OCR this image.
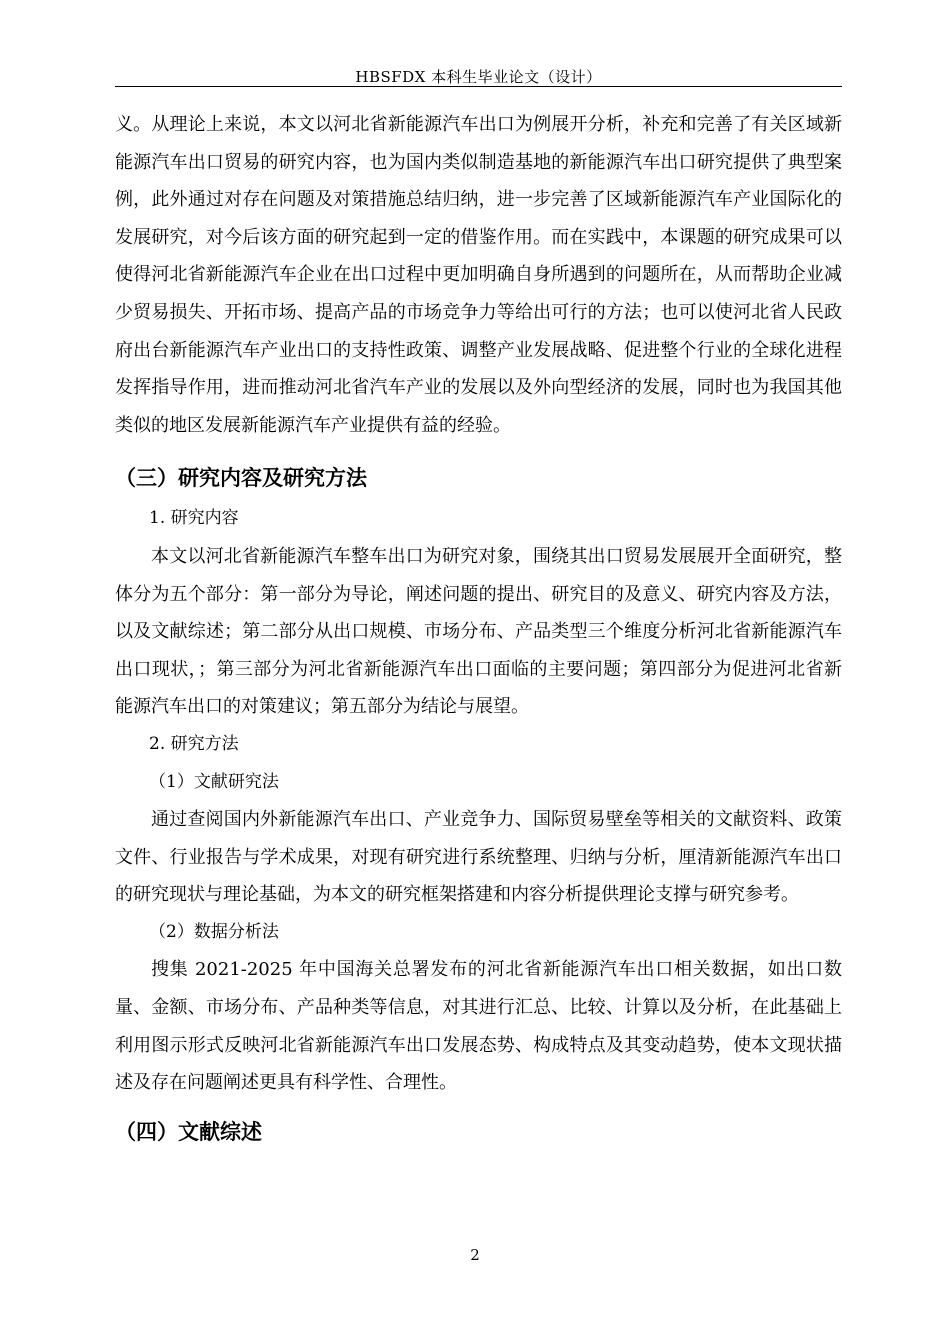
HBSFDX 本科生毕业论文（设计）

义。从理论上来说，本文以河北省新能源汽车出口为例展开分析，补充和完善了有关区域新能源汽车出口贸易的研究内容，也为国内类似制造基地的新能源汽车出口研究提供了典型案例，此外通过对存在问题及对策措施总结归纳，进一步完善了区域新能源汽车产业国际化的发展研究，对今后该方面的研究起到一定的借鉴作用。而在实践中，本课题的研究成果可以使得河北省新能源汽车企业在出口过程中更加明确自身所遇到的问题所在，从而帮助企业减少贸易损失、开拓市场、提高产品的市场竞争力等给出可行的方法；也可以使河北省人民政府出台新能源汽车产业出口的支持性政策、调整产业发展战略、促进整个行业的全球化进程发挥指导作用，进而推动河北省汽车产业的发展以及外向型经济的发展，同时也为我国其他类似的地区发展新能源汽车产业提供有益的经验。

（三）研究内容及研究方法

1. 研究内容

本文以河北省新能源汽车整车出口为研究对象，围绕其出口贸易发展展开全面研究，整体分为五个部分：第一部分为导论，阐述问题的提出、研究目的及意义、研究内容及方法，以及文献综述；第二部分从出口规模、市场分布、产品类型三个维度分析河北省新能源汽车出口现状，；第三部分为河北省新能源汽车出口面临的主要问题；第四部分为促进河北省新能源汽车出口的对策建议；第五部分为结论与展望。

2. 研究方法

（1）文献研究法

通过查阅国内外新能源汽车出口、产业竞争力、国际贸易壁垒等相关的文献资料、政策文件、行业报告与学术成果，对现有研究进行系统整理、归纳与分析，厘清新能源汽车出口的研究现状与理论基础，为本文的研究框架搭建和内容分析提供理论支撑与研究参考。

（2）数据分析法

搜集 2021-2025 年中国海关总署发布的河北省新能源汽车出口相关数据，如出口数量、金额、市场分布、产品种类等信息，对其进行汇总、比较、计算以及分析，在此基础上利用图示形式反映河北省新能源汽车出口发展态势、构成特点及其变动趋势，使本文现状描述及存在问题阐述更具有科学性、合理性。

（四）文献综述
2
